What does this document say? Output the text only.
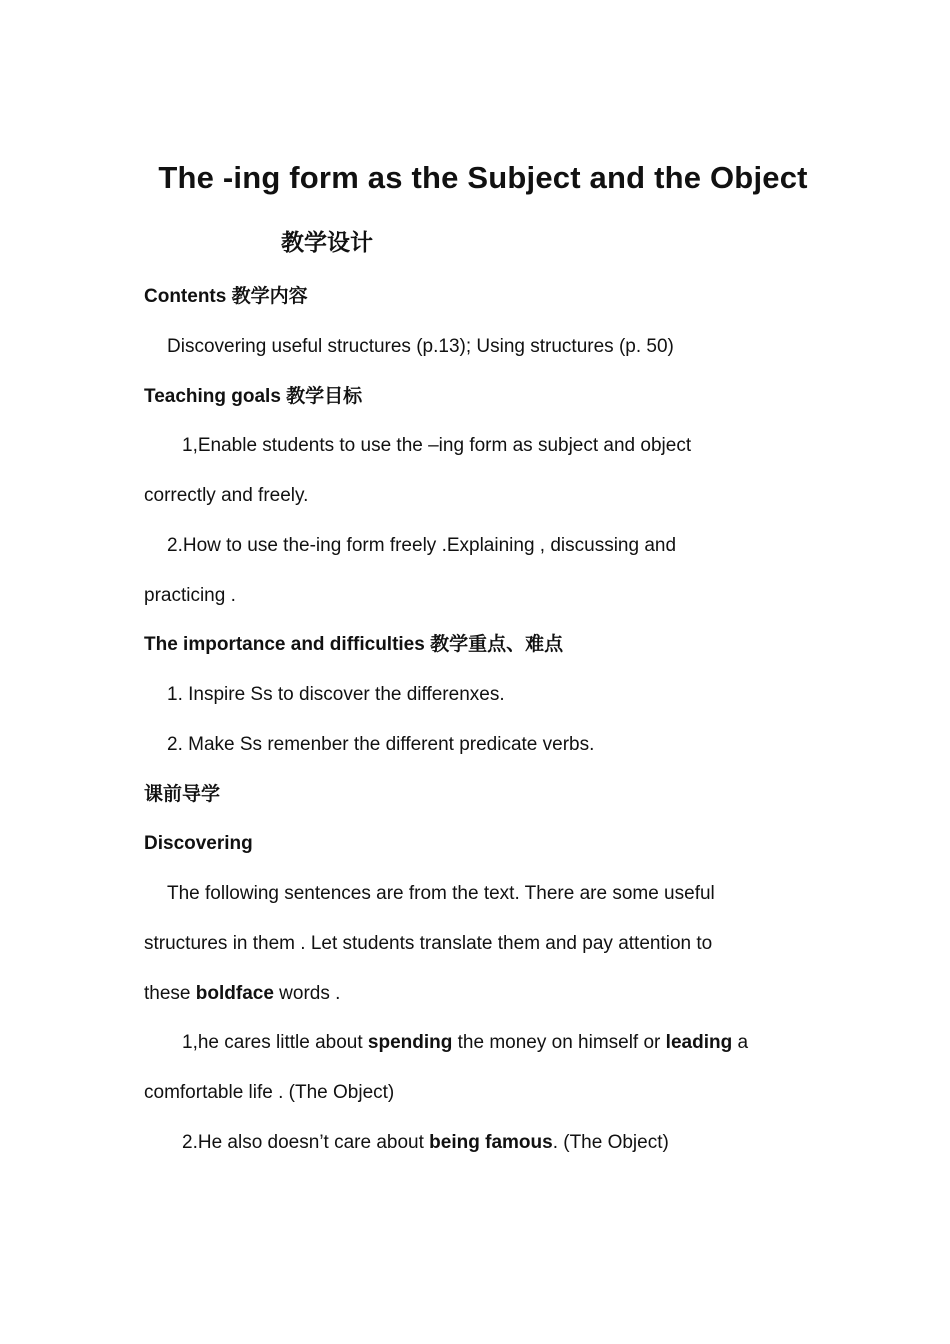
The -ing form as the Subject and the Object
教学设计
Contents 教学内容
Discovering useful structures (p.13); Using structures (p. 50)
Teaching goals 教学目标
1,Enable students to use the –ing form as subject and object
correctly and freely.
2.How to use the-ing form freely .Explaining , discussing and
practicing .
The importance and difficulties 教学重点、难点
1. Inspire Ss to discover the differenxes.
2. Make Ss remenber the different predicate verbs.
课前导学
Discovering
The following sentences are from the text. There are some useful
structures in them . Let students translate them and pay attention to
these boldface words .
1,he cares little about spending the money on himself or leading a
comfortable life . (The Object)
2.He also doesn’t care about being famous. (The Object)
